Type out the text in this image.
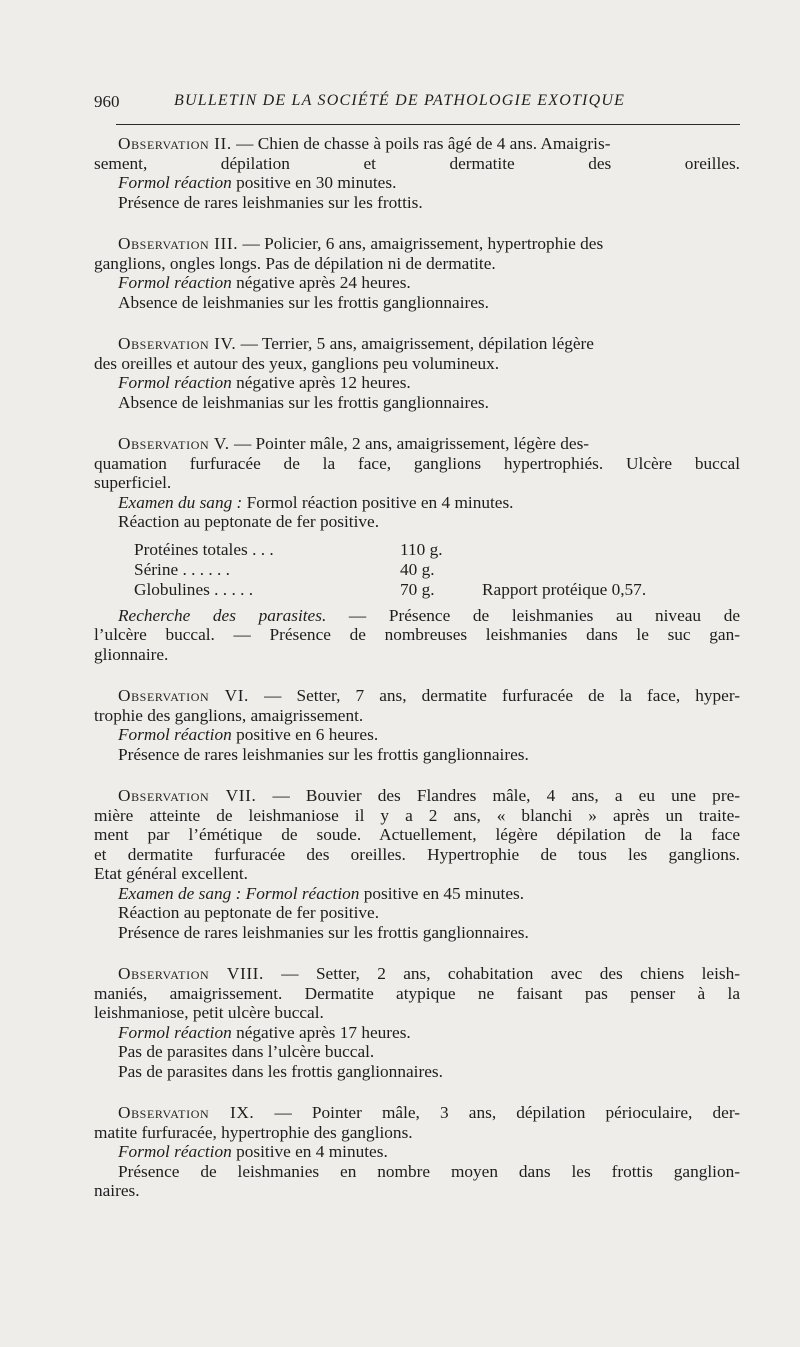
960	BULLETIN DE LA SOCIÉTÉ DE PATHOLOGIE EXOTIQUE
Observation II. — Chien de chasse à poils ras âgé de 4 ans. Amaigris-
sement, dépilation et dermatite des oreilles.
Formol réaction positive en 30 minutes.
Présence de rares leishmanies sur les frottis.
Observation III. — Policier, 6 ans, amaigrissement, hypertrophie des
ganglions, ongles longs. Pas de dépilation ni de dermatite.
Formol réaction négative après 24 heures.
Absence de leishmanies sur les frottis ganglionnaires.
Observation IV. — Terrier, 5 ans, amaigrissement, dépilation légère
des oreilles et autour des yeux, ganglions peu volumineux.
Formol réaction négative après 12 heures.
Absence de leishmanias sur les frottis ganglionnaires.
Observation V. — Pointer mâle, 2 ans, amaigrissement, légère des-
quamation furfuracée de la face, ganglions hypertrophiés. Ulcère buccal
superficiel.
Examen du sang : Formol réaction positive en 4 minutes.
Réaction au peptonate de fer positive.
Protéines totales . . .	110 g.
Sérine . . . . . .	40 g.
Globulines . . . . .	70 g.	Rapport protéique 0,57.
Recherche des parasites. — Présence de leishmanies au niveau de
l’ulcère buccal. — Présence de nombreuses leishmanies dans le suc gan-
glionnaire.
Observation VI. — Setter, 7 ans, dermatite furfuracée de la face, hyper-
trophie des ganglions, amaigrissement.
Formol réaction positive en 6 heures.
Présence de rares leishmanies sur les frottis ganglionnaires.
Observation VII. — Bouvier des Flandres mâle, 4 ans, a eu une pre-
mière atteinte de leishmaniose il y a 2 ans, « blanchi » après un traite-
ment par l’émétique de soude. Actuellement, légère dépilation de la face
et dermatite furfuracée des oreilles. Hypertrophie de tous les ganglions.
Etat général excellent.
Examen de sang : Formol réaction positive en 45 minutes.
Réaction au peptonate de fer positive.
Présence de rares leishmanies sur les frottis ganglionnaires.
Observation VIII. — Setter, 2 ans, cohabitation avec des chiens leish-
maniés, amaigrissement. Dermatite atypique ne faisant pas penser à la
leishmaniose, petit ulcère buccal.
Formol réaction négative après 17 heures.
Pas de parasites dans l’ulcère buccal.
Pas de parasites dans les frottis ganglionnaires.
Observation IX. — Pointer mâle, 3 ans, dépilation périoculaire, der-
matite furfuracée, hypertrophie des ganglions.
Formol réaction positive en 4 minutes.
Présence de leishmanies en nombre moyen dans les frottis ganglion-
naires.
